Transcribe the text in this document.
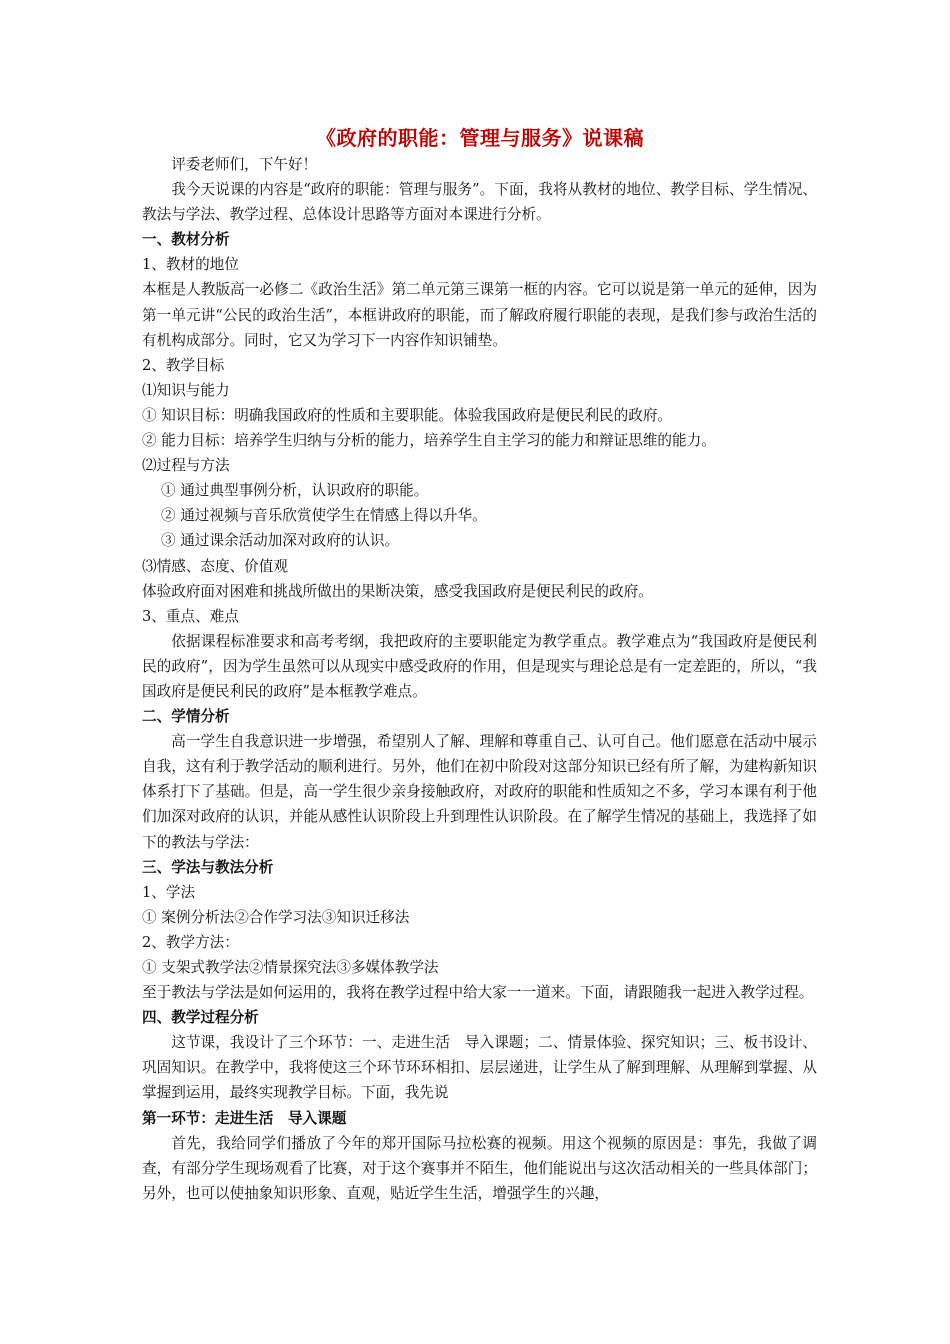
《政府的职能：管理与服务》说课稿

评委老师们，下午好！

我今天说课的内容是“政府的职能：管理与服务”。下面，我将从教材的地位、教学目标、学生情况、教法与学法、教学过程、总体设计思路等方面对本课进行分析。

一、教材分析

1、教材的地位

本框是人教版高一必修二《政治生活》第二单元第三课第一框的内容。它可以说是第一单元的延伸，因为第一单元讲“公民的政治生活”，本框讲政府的职能，而了解政府履行职能的表现，是我们参与政治生活的有机构成部分。同时，它又为学习下一内容作知识铺垫。

2、教学目标

⑴知识与能力

① 知识目标：明确我国政府的性质和主要职能。体验我国政府是便民利民的政府。

② 能力目标：培养学生归纳与分析的能力，培养学生自主学习的能力和辩证思维的能力。

⑵过程与方法

① 通过典型事例分析，认识政府的职能。

② 通过视频与音乐欣赏使学生在情感上得以升华。

③ 通过课余活动加深对政府的认识。

⑶情感、态度、价值观

体验政府面对困难和挑战所做出的果断决策，感受我国政府是便民利民的政府。

3、重点、难点

依据课程标准要求和高考考纲，我把政府的主要职能定为教学重点。教学难点为“我国政府是便民利民的政府”，因为学生虽然可以从现实中感受政府的作用，但是现实与理论总是有一定差距的，所以，“我国政府是便民利民的政府”是本框教学难点。

二、学情分析

高一学生自我意识进一步增强，希望别人了解、理解和尊重自己、认可自己。他们愿意在活动中展示自我，这有利于教学活动的顺利进行。另外，他们在初中阶段对这部分知识已经有所了解，为建构新知识体系打下了基础。但是，高一学生很少亲身接触政府，对政府的职能和性质知之不多，学习本课有利于他们加深对政府的认识，并能从感性认识阶段上升到理性认识阶段。在了解学生情况的基础上，我选择了如下的教法与学法：

三、学法与教法分析

1、学法

① 案例分析法②合作学习法③知识迁移法

2、教学方法：

① 支架式教学法②情景探究法③多媒体教学法

至于教法与学法是如何运用的，我将在教学过程中给大家一一道来。下面，请跟随我一起进入教学过程。

四、教学过程分析

这节课，我设计了三个环节：一、走进生活　导入课题；二、情景体验、探究知识；三、板书设计、巩固知识。在教学中，我将使这三个环节环环相扣、层层递进，让学生从了解到理解、从理解到掌握、从掌握到运用，最终实现教学目标。下面，我先说

第一环节：走进生活　导入课题

首先，我给同学们播放了今年的郑开国际马拉松赛的视频。用这个视频的原因是：事先，我做了调查，有部分学生现场观看了比赛，对于这个赛事并不陌生，他们能说出与这次活动相关的一些具体部门；另外，也可以使抽象知识形象、直观，贴近学生生活，增强学生的兴趣，
